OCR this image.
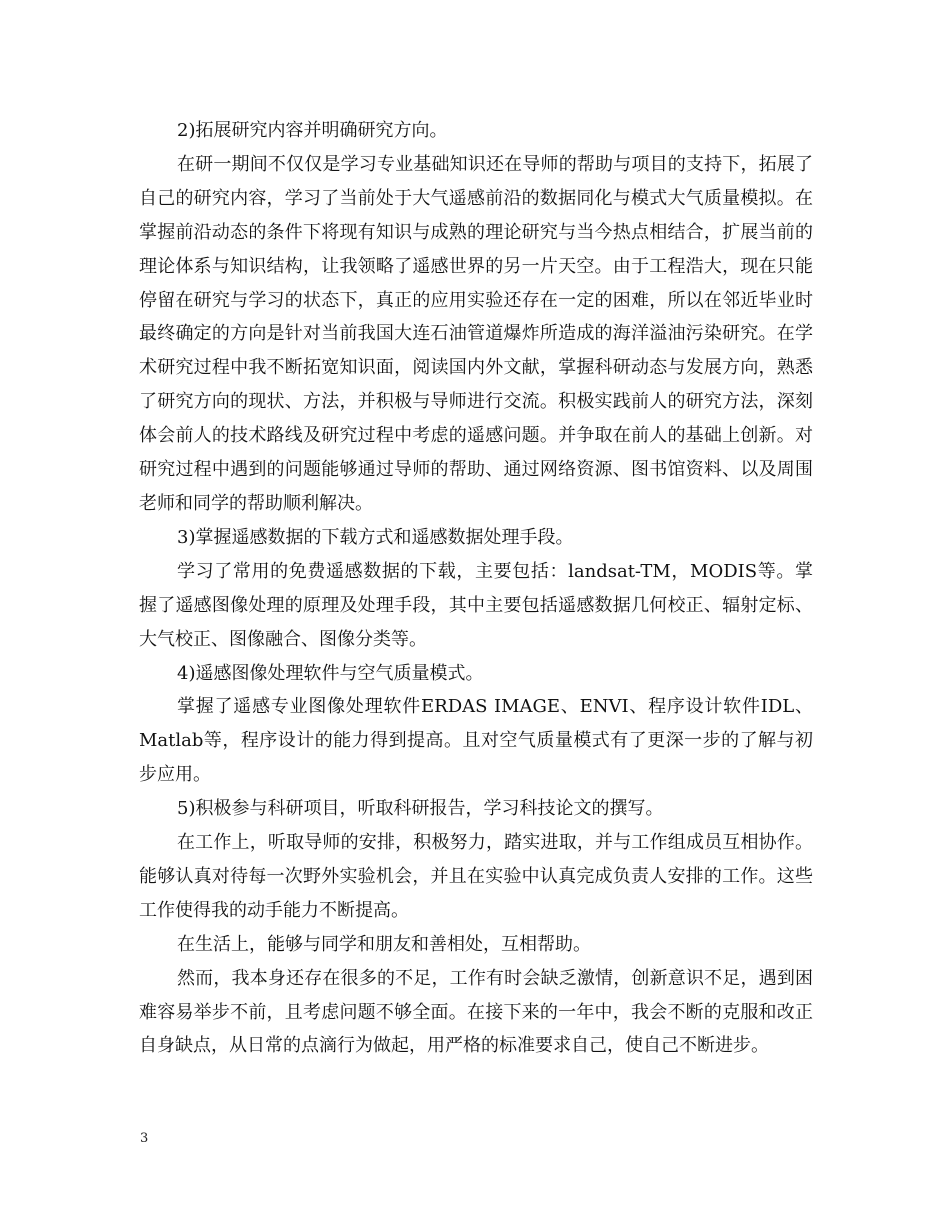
2)拓展研究内容并明确研究方向。

在研一期间不仅仅是学习专业基础知识还在导师的帮助与项目的支持下，拓展了自己的研究内容，学习了当前处于大气遥感前沿的数据同化与模式大气质量模拟。在掌握前沿动态的条件下将现有知识与成熟的理论研究与当今热点相结合，扩展当前的理论体系与知识结构，让我领略了遥感世界的另一片天空。由于工程浩大，现在只能停留在研究与学习的状态下，真正的应用实验还存在一定的困难，所以在邻近毕业时最终确定的方向是针对当前我国大连石油管道爆炸所造成的海洋溢油污染研究。在学术研究过程中我不断拓宽知识面，阅读国内外文献，掌握科研动态与发展方向，熟悉了研究方向的现状、方法，并积极与导师进行交流。积极实践前人的研究方法，深刻体会前人的技术路线及研究过程中考虑的遥感问题。并争取在前人的基础上创新。对研究过程中遇到的问题能够通过导师的帮助、通过网络资源、图书馆资料、以及周围老师和同学的帮助顺利解决。

3)掌握遥感数据的下载方式和遥感数据处理手段。

学习了常用的免费遥感数据的下载，主要包括：landsat-TM，MODIS等。掌握了遥感图像处理的原理及处理手段，其中主要包括遥感数据几何校正、辐射定标、大气校正、图像融合、图像分类等。

4)遥感图像处理软件与空气质量模式。

掌握了遥感专业图像处理软件ERDAS IMAGE、ENVI、程序设计软件IDL、Matlab等，程序设计的能力得到提高。且对空气质量模式有了更深一步的了解与初步应用。

5)积极参与科研项目，听取科研报告，学习科技论文的撰写。

在工作上，听取导师的安排，积极努力，踏实进取，并与工作组成员互相协作。能够认真对待每一次野外实验机会，并且在实验中认真完成负责人安排的工作。这些工作使得我的动手能力不断提高。

在生活上，能够与同学和朋友和善相处，互相帮助。

然而，我本身还存在很多的不足，工作有时会缺乏激情，创新意识不足，遇到困难容易举步不前，且考虑问题不够全面。在接下来的一年中，我会不断的克服和改正自身缺点，从日常的点滴行为做起，用严格的标准要求自己，使自己不断进步。

3
